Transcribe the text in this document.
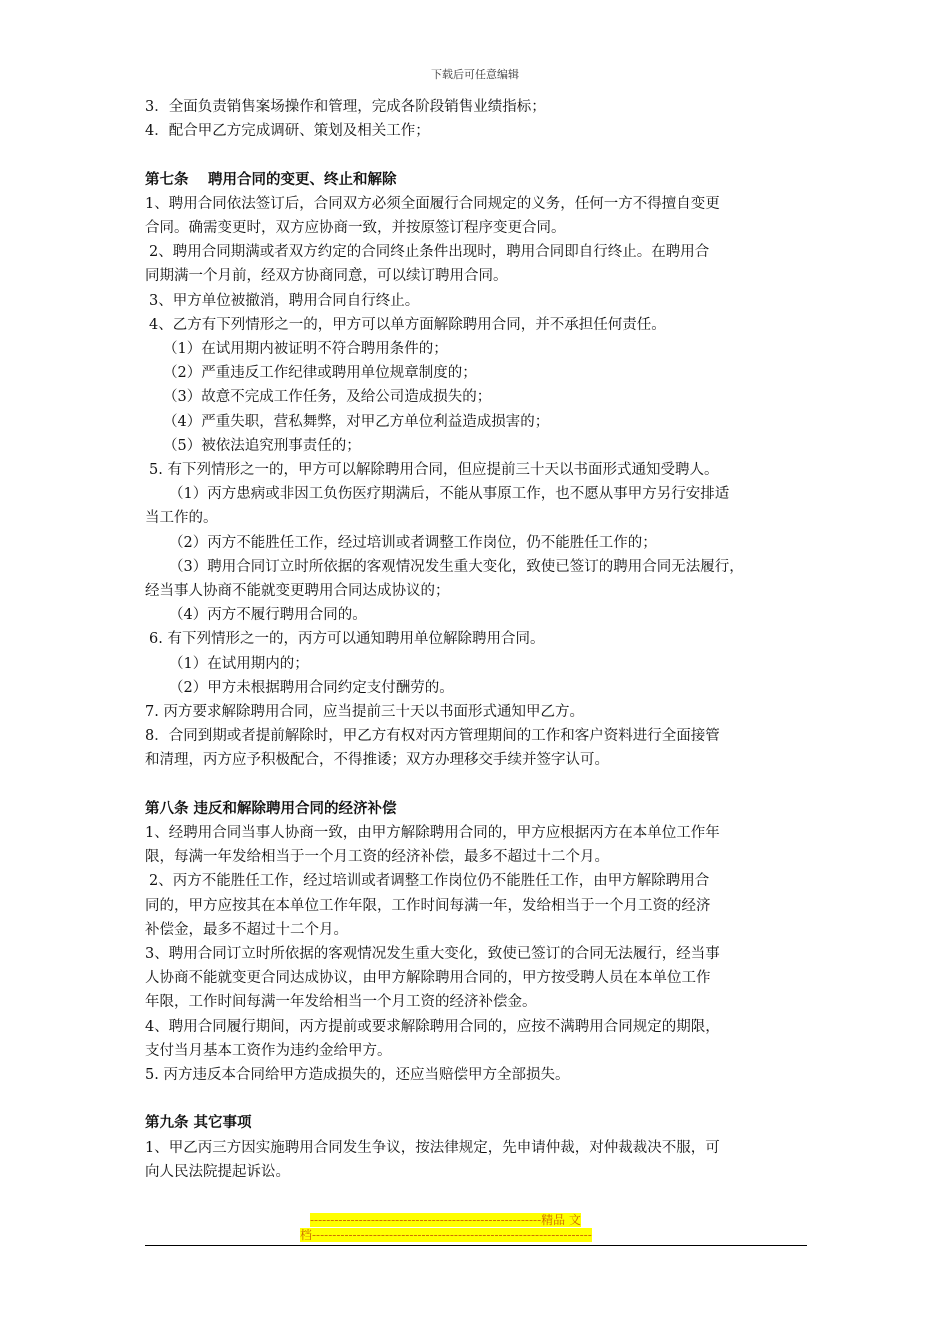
下载后可任意编辑
3．全面负责销售案场操作和管理，完成各阶段销售业绩指标；
4．配合甲乙方完成调研、策划及相关工作；
第七条　 聘用合同的变更、终止和解除
1、聘用合同依法签订后，合同双方必须全面履行合同规定的义务，任何一方不得擅自变更
合同。确需变更时，双方应协商一致，并按原签订程序变更合同。
2、聘用合同期满或者双方约定的合同终止条件出现时，聘用合同即自行终止。在聘用合
同期满一个月前，经双方协商同意，可以续订聘用合同。
3、甲方单位被撤消，聘用合同自行终止。
4、乙方有下列情形之一的，甲方可以单方面解除聘用合同，并不承担任何责任。
（1）在试用期内被证明不符合聘用条件的；
（2）严重违反工作纪律或聘用单位规章制度的；
（3）故意不完成工作任务，及给公司造成损失的；
（4）严重失职，营私舞弊，对甲乙方单位利益造成损害的；
（5）被依法追究刑事责任的；
5. 有下列情形之一的，甲方可以解除聘用合同，但应提前三十天以书面形式通知受聘人。
（1）丙方患病或非因工负伤医疗期满后，不能从事原工作，也不愿从事甲方另行安排适
当工作的。
（2）丙方不能胜任工作，经过培训或者调整工作岗位，仍不能胜任工作的；
（3）聘用合同订立时所依据的客观情况发生重大变化，致使已签订的聘用合同无法履行，
经当事人协商不能就变更聘用合同达成协议的；
（4）丙方不履行聘用合同的。
6. 有下列情形之一的，丙方可以通知聘用单位解除聘用合同。
（1）在试用期内的；
（2）甲方未根据聘用合同约定支付酬劳的。
7. 丙方要求解除聘用合同，应当提前三十天以书面形式通知甲乙方。
8．合同到期或者提前解除时，甲乙方有权对丙方管理期间的工作和客户资料进行全面接管
和清理，丙方应予积极配合，不得推诿；双方办理移交手续并签字认可。
第八条 违反和解除聘用合同的经济补偿
1、经聘用合同当事人协商一致，由甲方解除聘用合同的，甲方应根据丙方在本单位工作年
限，每满一年发给相当于一个月工资的经济补偿，最多不超过十二个月。
2、丙方不能胜任工作，经过培训或者调整工作岗位仍不能胜任工作，由甲方解除聘用合
同的，甲方应按其在本单位工作年限，工作时间每满一年，发给相当于一个月工资的经济
补偿金，最多不超过十二个月。
3、聘用合同订立时所依据的客观情况发生重大变化，致使已签订的合同无法履行，经当事
人协商不能就变更合同达成协议，由甲方解除聘用合同的，甲方按受聘人员在本单位工作
年限，工作时间每满一年发给相当一个月工资的经济补偿金。
4、聘用合同履行期间，丙方提前或要求解除聘用合同的，应按不满聘用合同规定的期限，
支付当月基本工资作为违约金给甲方。
5. 丙方违反本合同给甲方造成损失的，还应当赔偿甲方全部损失。
第九条 其它事项
1、甲乙丙三方因实施聘用合同发生争议，按法律规定，先申请仲裁，对仲裁裁决不服，可
向人民法院提起诉讼。
---------------------------------------------------------精品 文
档---------------------------------------------------------------------
